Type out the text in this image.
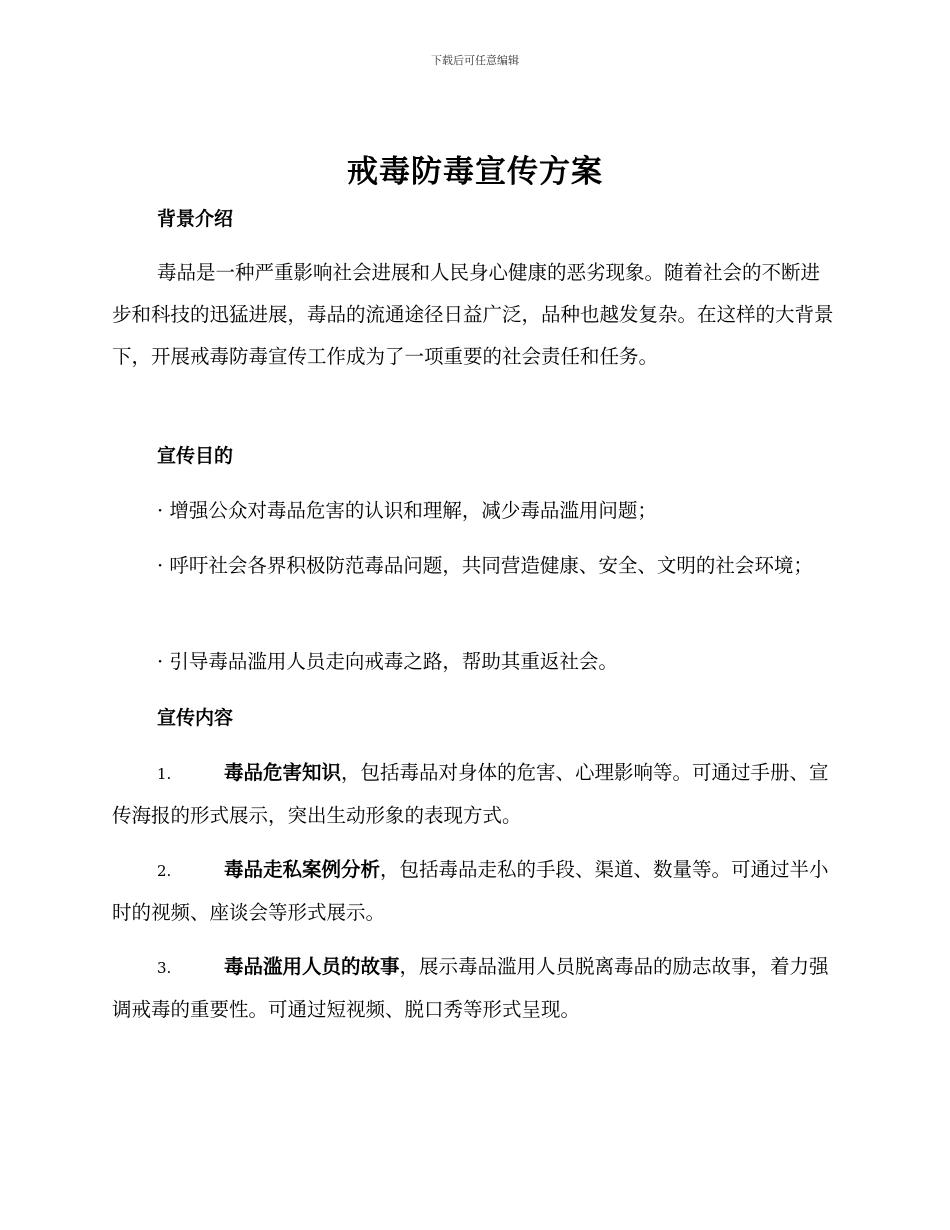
下载后可任意编辑
戒毒防毒宣传方案
背景介绍

毒品是一种严重影响社会进展和人民身心健康的恶劣现象。随着社会的不断进步和科技的迅猛进展，毒品的流通途径日益广泛，品种也越发复杂。在这样的大背景下，开展戒毒防毒宣传工作成为了一项重要的社会责任和任务。

宣传目的

· 增强公众对毒品危害的认识和理解，减少毒品滥用问题；

· 呼吁社会各界积极防范毒品问题，共同营造健康、安全、文明的社会环境；

· 引导毒品滥用人员走向戒毒之路，帮助其重返社会。

宣传内容

1.	毒品危害知识，包括毒品对身体的危害、心理影响等。可通过手册、宣传海报的形式展示，突出生动形象的表现方式。

2.	毒品走私案例分析，包括毒品走私的手段、渠道、数量等。可通过半小时的视频、座谈会等形式展示。

3.	毒品滥用人员的故事，展示毒品滥用人员脱离毒品的励志故事，着力强调戒毒的重要性。可通过短视频、脱口秀等形式呈现。
